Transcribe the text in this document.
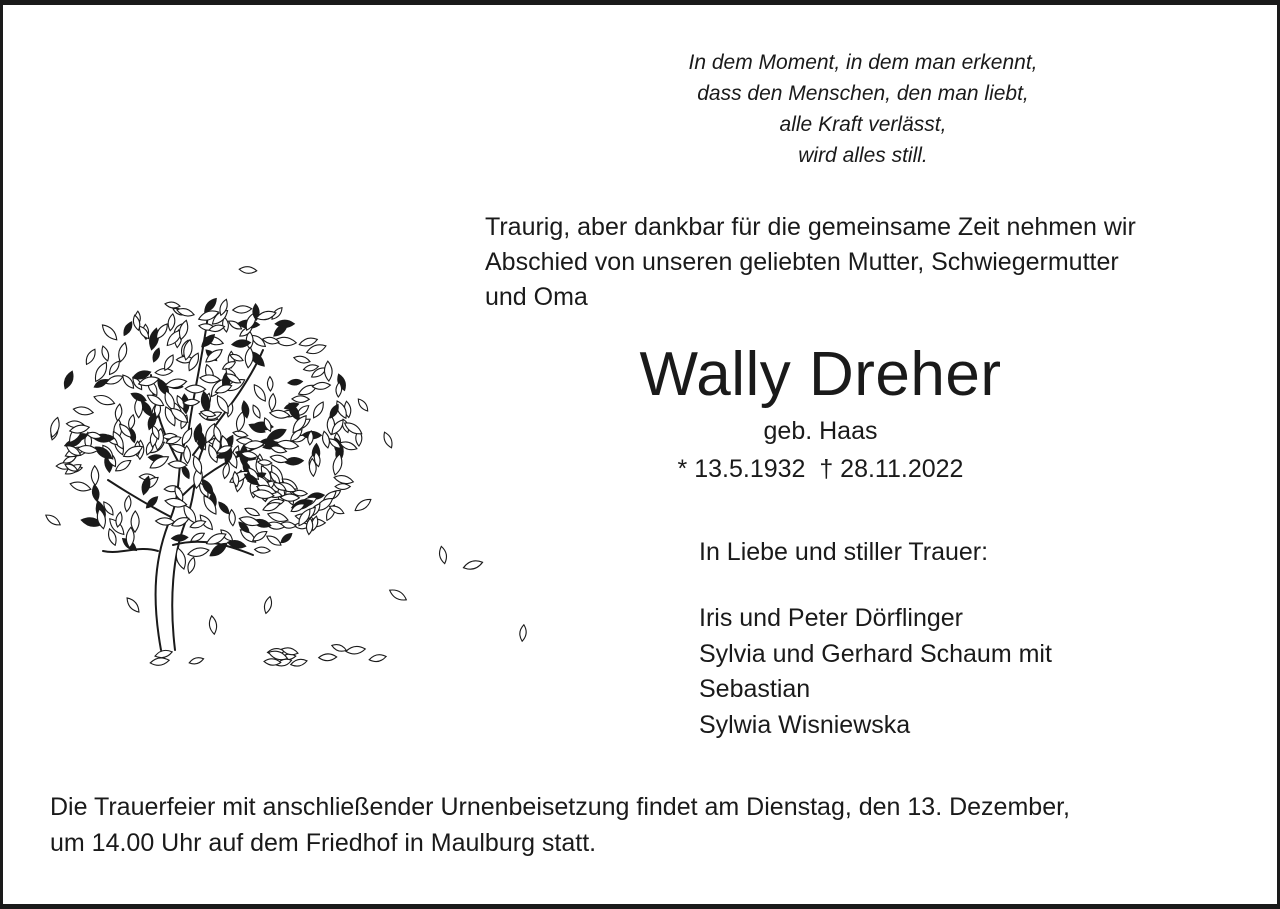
In dem Moment, in dem man erkennt,
dass den Menschen, den man liebt,
alle Kraft verlässt,
wird alles still.
Traurig, aber dankbar für die gemeinsame Zeit nehmen wir
Abschied von unseren geliebten Mutter, Schwiegermutter
und Oma
Wally Dreher
geb. Haas
* 13.5.1932  † 28.11.2022
In Liebe und stiller Trauer:
Iris und Peter Dörflinger
Sylvia und Gerhard Schaum mit
Sebastian
Sylwia Wisniewska
Die Trauerfeier mit anschließender Urnenbeisetzung findet am Dienstag, den 13. Dezember,
um 14.00 Uhr auf dem Friedhof in Maulburg statt.
